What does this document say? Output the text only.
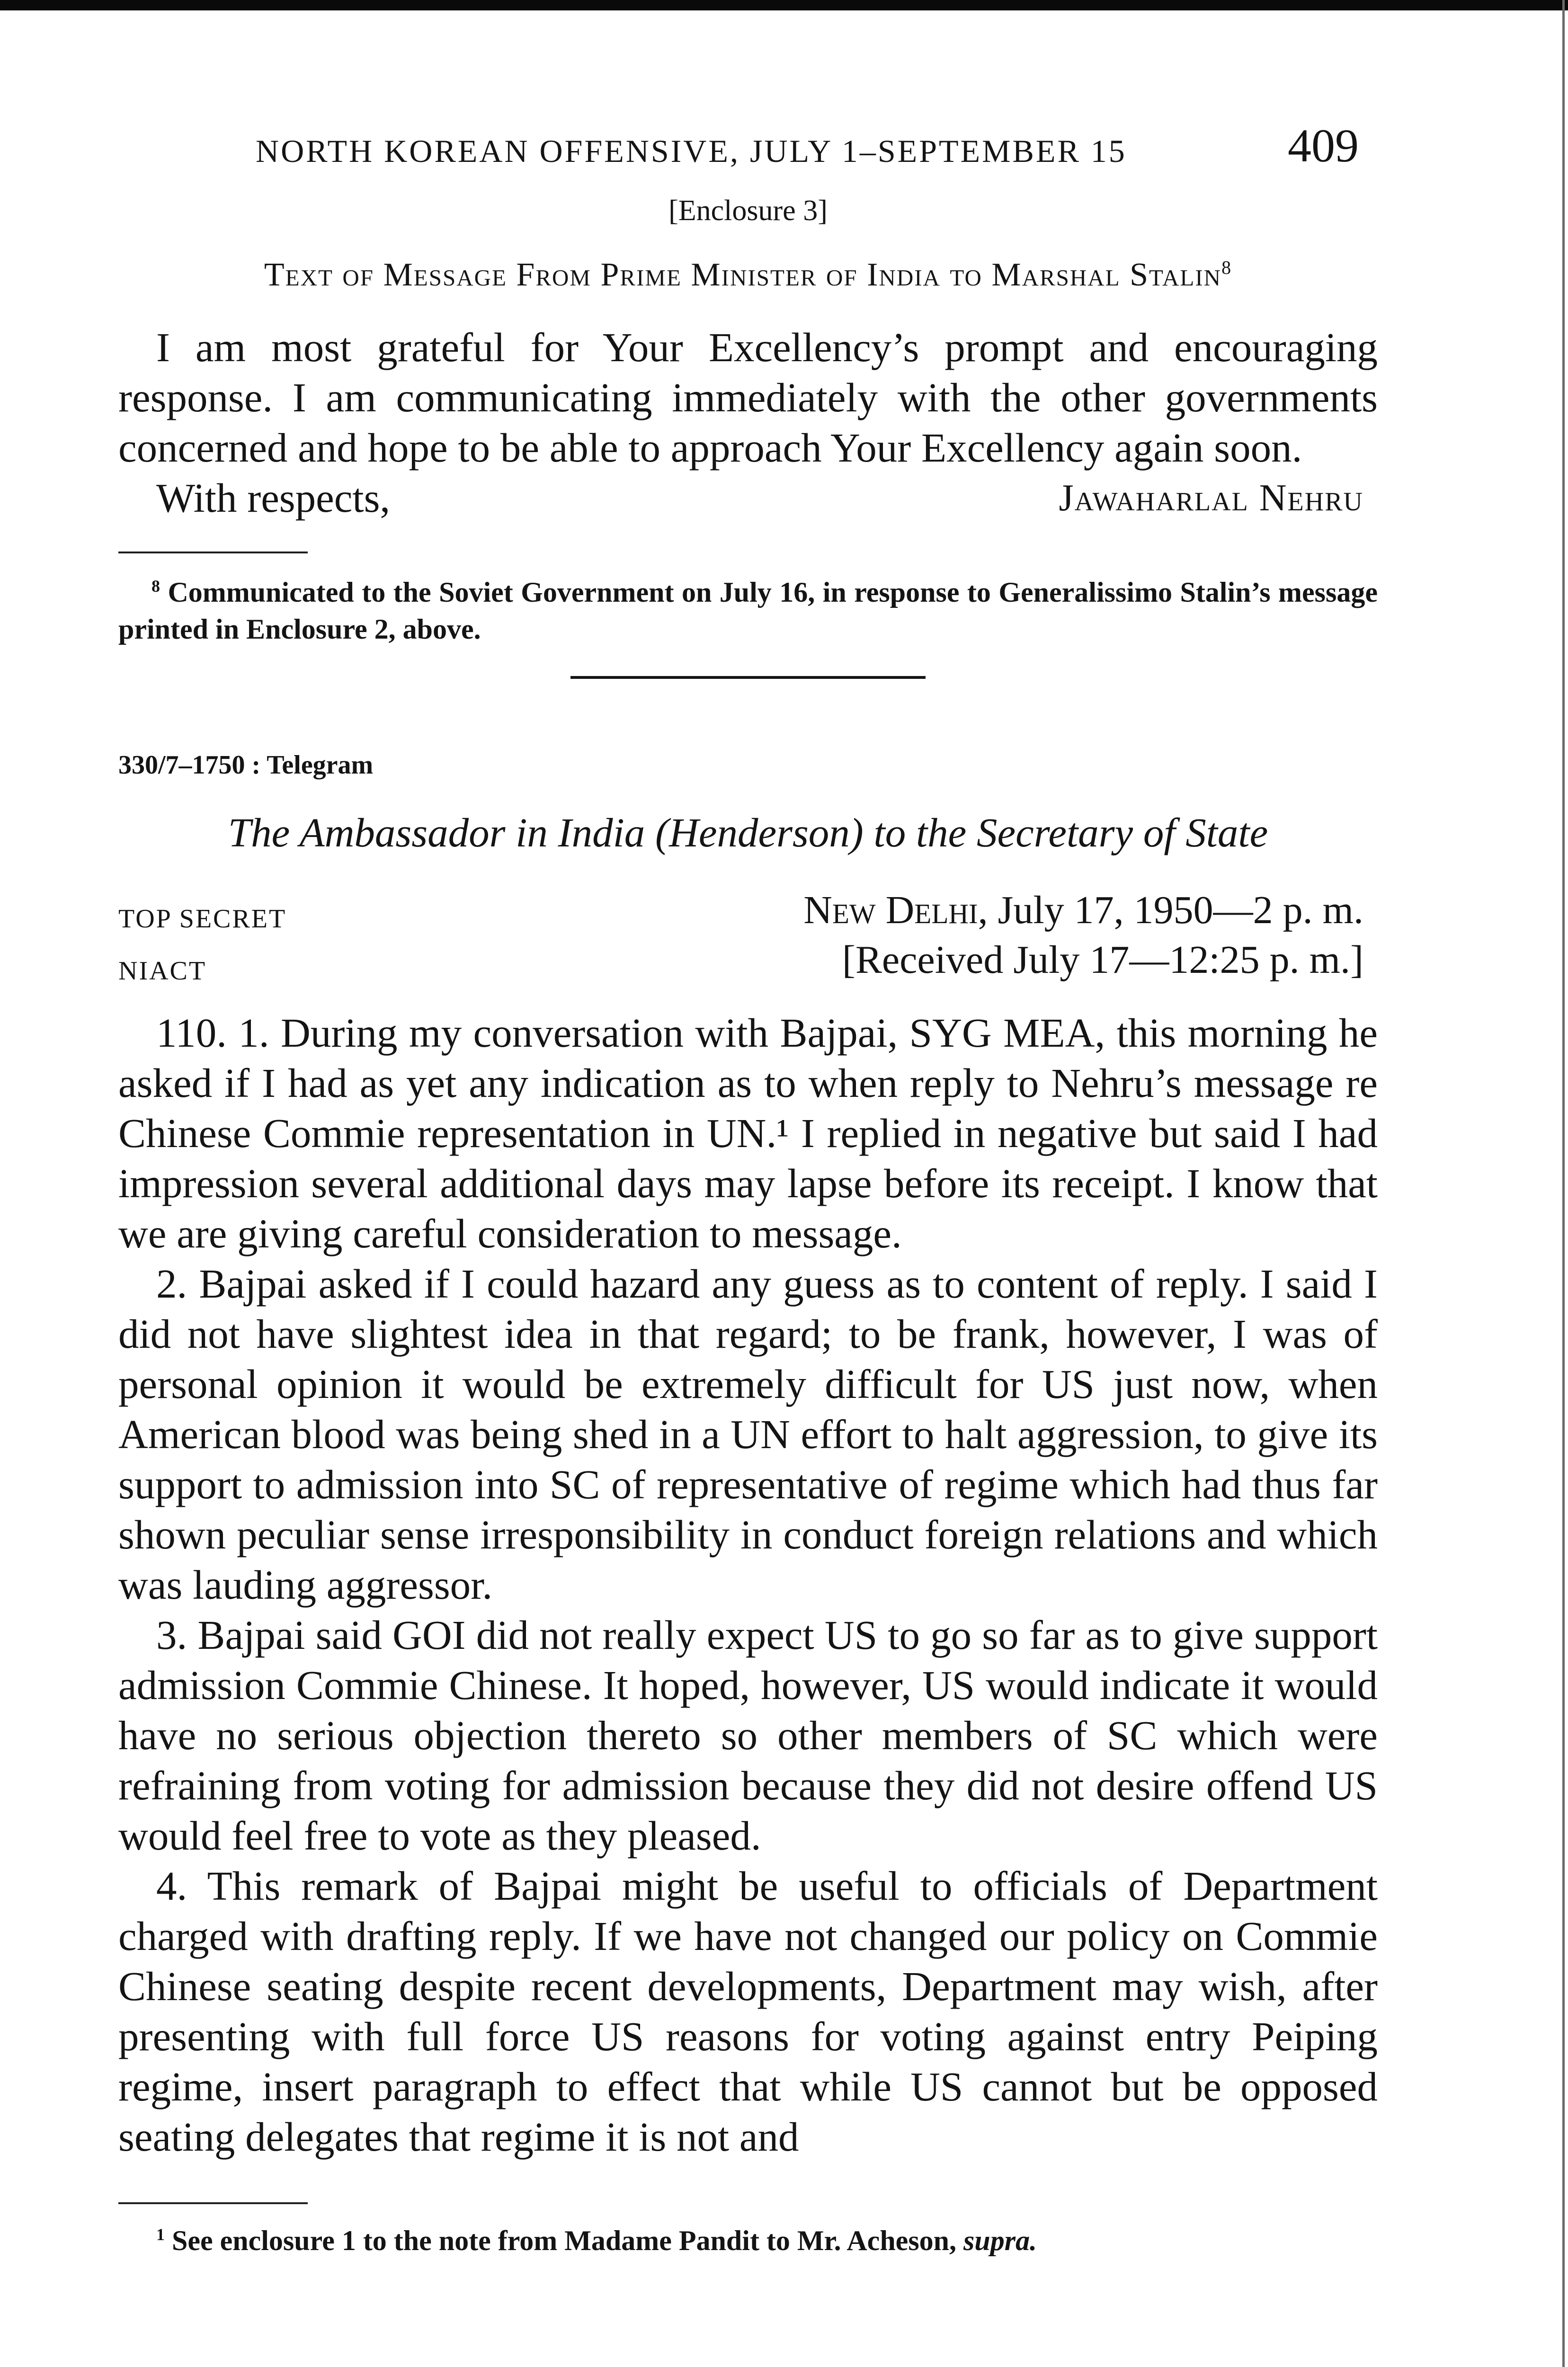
NORTH KOREAN OFFENSIVE, JULY 1–SEPTEMBER 15	409
[Enclosure 3]
Text of Message From Prime Minister of India to Marshal Stalin$^8$

I am most grateful for Your Excellency’s prompt and encouraging response. I am communicating immediately with the other governments concerned and hope to be able to approach Your Excellency again soon.

With respects,	Jawaharlal Nehru

$^8$ Communicated to the Soviet Government on July 16, in response to Generalissimo Stalin’s message printed in Enclosure 2, above.

330/7–1750 : Telegram
The Ambassador in India (Henderson) to the Secretary of State
TOP SECRET
NIACT
New Delhi, July 17, 1950—2 p. m.
[Received July 17—12:25 p. m.]

110. 1. During my conversation with Bajpai, SYG MEA, this morning he asked if I had as yet any indication as to when reply to Nehru’s message re Chinese Commie representation in UN.¹ I replied in negative but said I had impression several additional days may lapse before its receipt. I know that we are giving careful consideration to message.

2. Bajpai asked if I could hazard any guess as to content of reply. I said I did not have slightest idea in that regard; to be frank, however, I was of personal opinion it would be extremely difficult for US just now, when American blood was being shed in a UN effort to halt aggression, to give its support to admission into SC of representative of regime which had thus far shown peculiar sense irresponsibility in conduct foreign relations and which was lauding aggressor.

3. Bajpai said GOI did not really expect US to go so far as to give support admission Commie Chinese. It hoped, however, US would indicate it would have no serious objection thereto so other members of SC which were refraining from voting for admission because they did not desire offend US would feel free to vote as they pleased.

4. This remark of Bajpai might be useful to officials of Department charged with drafting reply. If we have not changed our policy on Commie Chinese seating despite recent developments, Department may wish, after presenting with full force US reasons for voting against entry Peiping regime, insert paragraph to effect that while US cannot but be opposed seating delegates that regime it is not and

$^1$ See enclosure 1 to the note from Madame Pandit to Mr. Acheson, supra.
